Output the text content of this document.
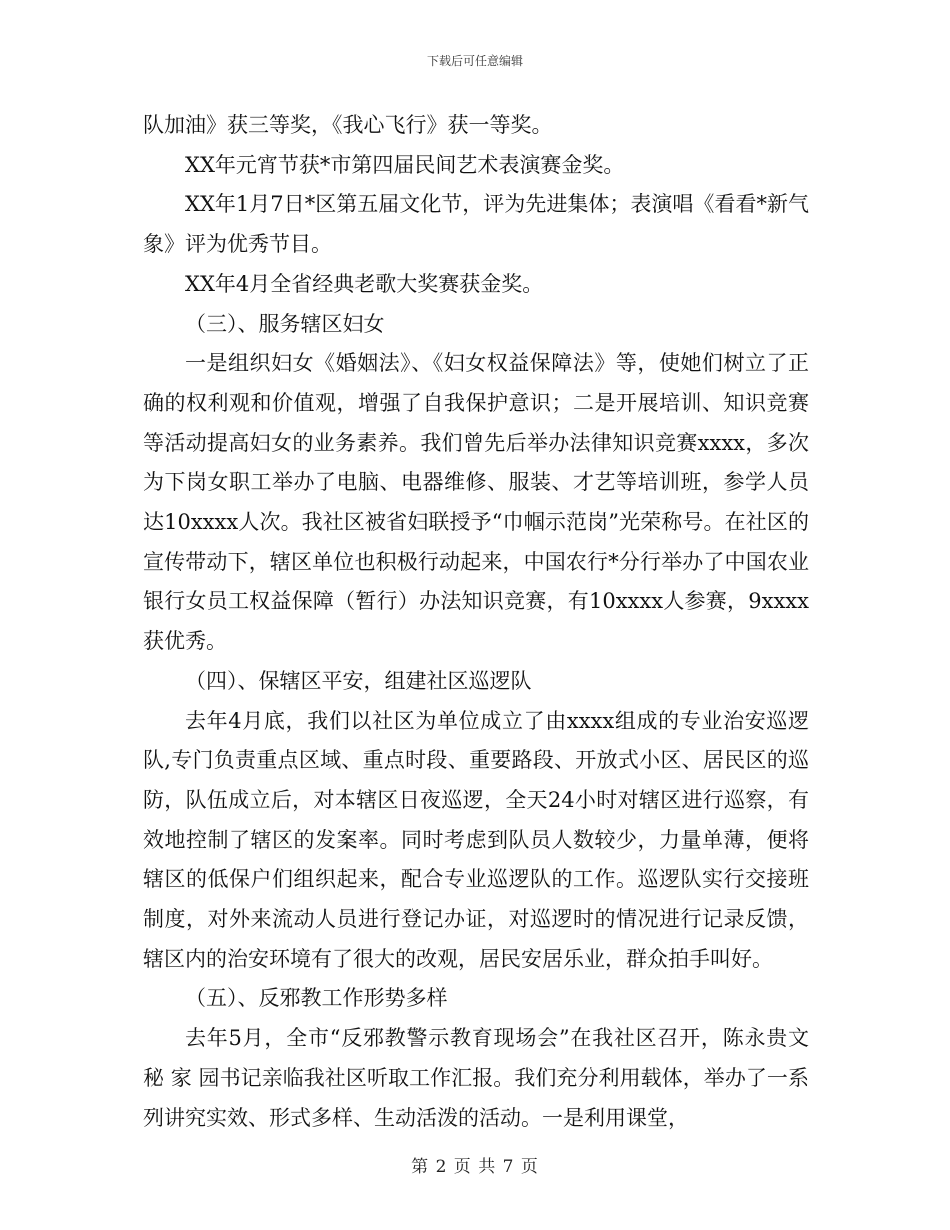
下载后可任意编辑

队加油》获三等奖，《我心飞行》获一等奖。

XX年元宵节获*市第四届民间艺术表演赛金奖。

XX年1月7日*区第五届文化节，评为先进集体；表演唱《看看*新气象》评为优秀节目。

XX年4月全省经典老歌大奖赛获金奖。

（三）、服务辖区妇女

一是组织妇女《婚姻法》、《妇女权益保障法》等，使她们树立了正确的权利观和价值观，增强了自我保护意识；二是开展培训、知识竞赛等活动提高妇女的业务素养。我们曾先后举办法律知识竞赛xxxx，多次为下岗女职工举办了电脑、电器维修、服装、才艺等培训班，参学人员达10xxxx人次。我社区被省妇联授予“巾帼示范岗”光荣称号。在社区的宣传带动下，辖区单位也积极行动起来，中国农行*分行举办了中国农业银行女员工权益保障（暂行）办法知识竞赛，有10xxxx人参赛，9xxxx获优秀。

（四）、保辖区平安，组建社区巡逻队

去年4月底，我们以社区为单位成立了由xxxx组成的专业治安巡逻队,专门负责重点区域、重点时段、重要路段、开放式小区、居民区的巡防，队伍成立后，对本辖区日夜巡逻，全天24小时对辖区进行巡察，有效地控制了辖区的发案率。同时考虑到队员人数较少，力量单薄，便将辖区的低保户们组织起来，配合专业巡逻队的工作。巡逻队实行交接班制度，对外来流动人员进行登记办证，对巡逻时的情况进行记录反馈，辖区内的治安环境有了很大的改观，居民安居乐业，群众拍手叫好。

（五）、反邪教工作形势多样

去年5月，全市“反邪教警示教育现场会”在我社区召开，陈永贵文 秘 家 园书记亲临我社区听取工作汇报。我们充分利用载体，举办了一系列讲究实效、形式多样、生动活泼的活动。一是利用课堂，

第 2 页 共 7 页
